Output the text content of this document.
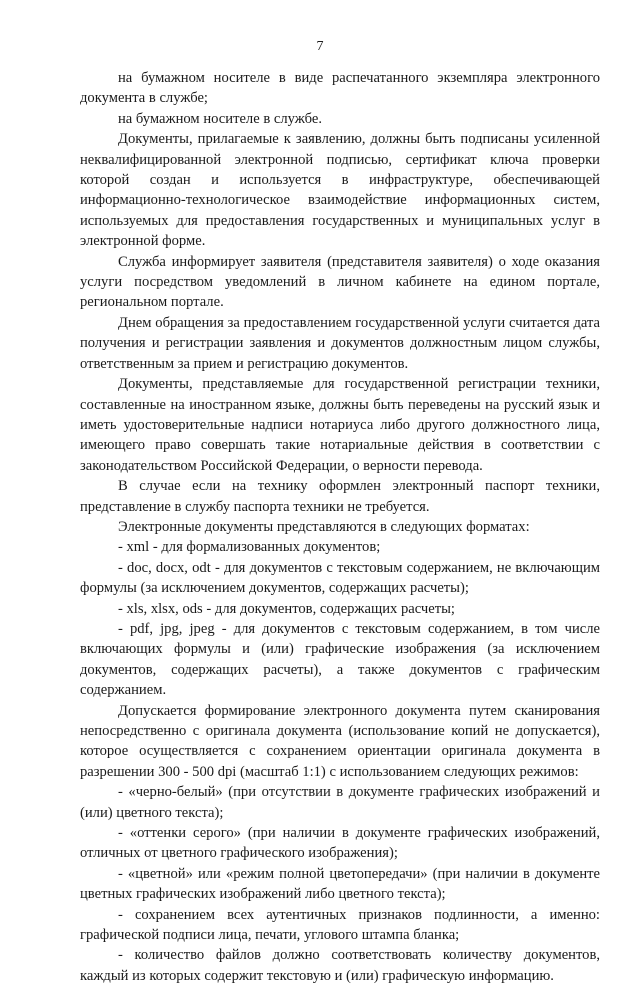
7

на бумажном носителе в виде распечатанного экземпляра электронного документа в службе;

на бумажном носителе в службе.

Документы, прилагаемые к заявлению, должны быть подписаны усиленной неквалифицированной электронной подписью, сертификат ключа проверки которой создан и используется в инфраструктуре, обеспечивающей информационно-технологическое взаимодействие информационных систем, используемых для предоставления государственных и муниципальных услуг в электронной форме.

Служба информирует заявителя (представителя заявителя) о ходе оказания услуги посредством уведомлений в личном кабинете на едином портале, региональном портале.

Днем обращения за предоставлением государственной услуги считается дата получения и регистрации заявления и документов должностным лицом службы, ответственным за прием и регистрацию документов.

Документы, представляемые для государственной регистрации техники, составленные на иностранном языке, должны быть переведены на русский язык и иметь удостоверительные надписи нотариуса либо другого должностного лица, имеющего право совершать такие нотариальные действия в соответствии с законодательством Российской Федерации, о верности перевода.

В случае если на технику оформлен электронный паспорт техники, представление в службу паспорта техники не требуется.

Электронные документы представляются в следующих форматах:

- xml - для формализованных документов;

- doc, docx, odt - для документов с текстовым содержанием, не включающим формулы (за исключением документов, содержащих расчеты);

- xls, xlsx, ods - для документов, содержащих расчеты;

- pdf, jpg, jpeg - для документов с текстовым содержанием, в том числе включающих формулы и (или) графические изображения (за исключением документов, содержащих расчеты), а также документов с графическим содержанием.

Допускается формирование электронного документа путем сканирования непосредственно с оригинала документа (использование копий не допускается), которое осуществляется с сохранением ориентации оригинала документа в разрешении 300 - 500 dpi (масштаб 1:1) с использованием следующих режимов:

- «черно-белый» (при отсутствии в документе графических изображений и (или) цветного текста);

- «оттенки серого» (при наличии в документе графических изображений, отличных от цветного графического изображения);

- «цветной» или «режим полной цветопередачи» (при наличии в документе цветных графических изображений либо цветного текста);

- сохранением всех аутентичных признаков подлинности, а именно: графической подписи лица, печати, углового штампа бланка;

- количество файлов должно соответствовать количеству документов, каждый из которых содержит текстовую и (или) графическую информацию.
